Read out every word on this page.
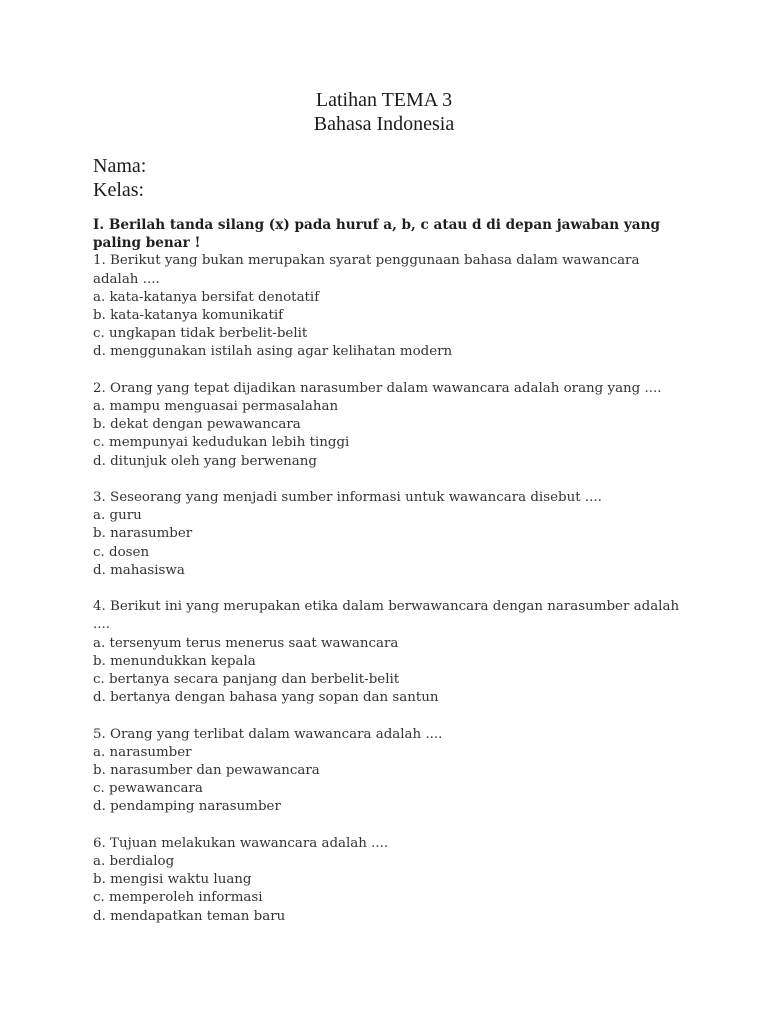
Latihan TEMA 3
Bahasa Indonesia
Nama:
Kelas:
I. Berilah tanda silang (x) pada huruf a, b, c atau d di depan jawaban yang paling benar !
1. Berikut yang bukan merupakan syarat penggunaan bahasa dalam wawancara adalah ....
a. kata-katanya bersifat denotatif
b. kata-katanya komunikatif
c. ungkapan tidak berbelit-belit
d. menggunakan istilah asing agar kelihatan modern
2. Orang yang tepat dijadikan narasumber dalam wawancara adalah orang yang ....
a. mampu menguasai permasalahan
b. dekat dengan pewawancara
c. mempunyai kedudukan lebih tinggi
d. ditunjuk oleh yang berwenang
3. Seseorang yang menjadi sumber informasi untuk wawancara disebut ....
a. guru
b. narasumber
c. dosen
d. mahasiswa
4. Berikut ini yang merupakan etika dalam berwawancara dengan narasumber adalah ....
a. tersenyum terus menerus saat wawancara
b. menundukkan kepala
c. bertanya secara panjang dan berbelit-belit
d. bertanya dengan bahasa yang sopan dan santun
5. Orang yang terlibat dalam wawancara adalah ....
a. narasumber
b. narasumber dan pewawancara
c. pewawancara
d. pendamping narasumber
6. Tujuan melakukan wawancara adalah ....
a. berdialog
b. mengisi waktu luang
c. memperoleh informasi
d. mendapatkan teman baru
